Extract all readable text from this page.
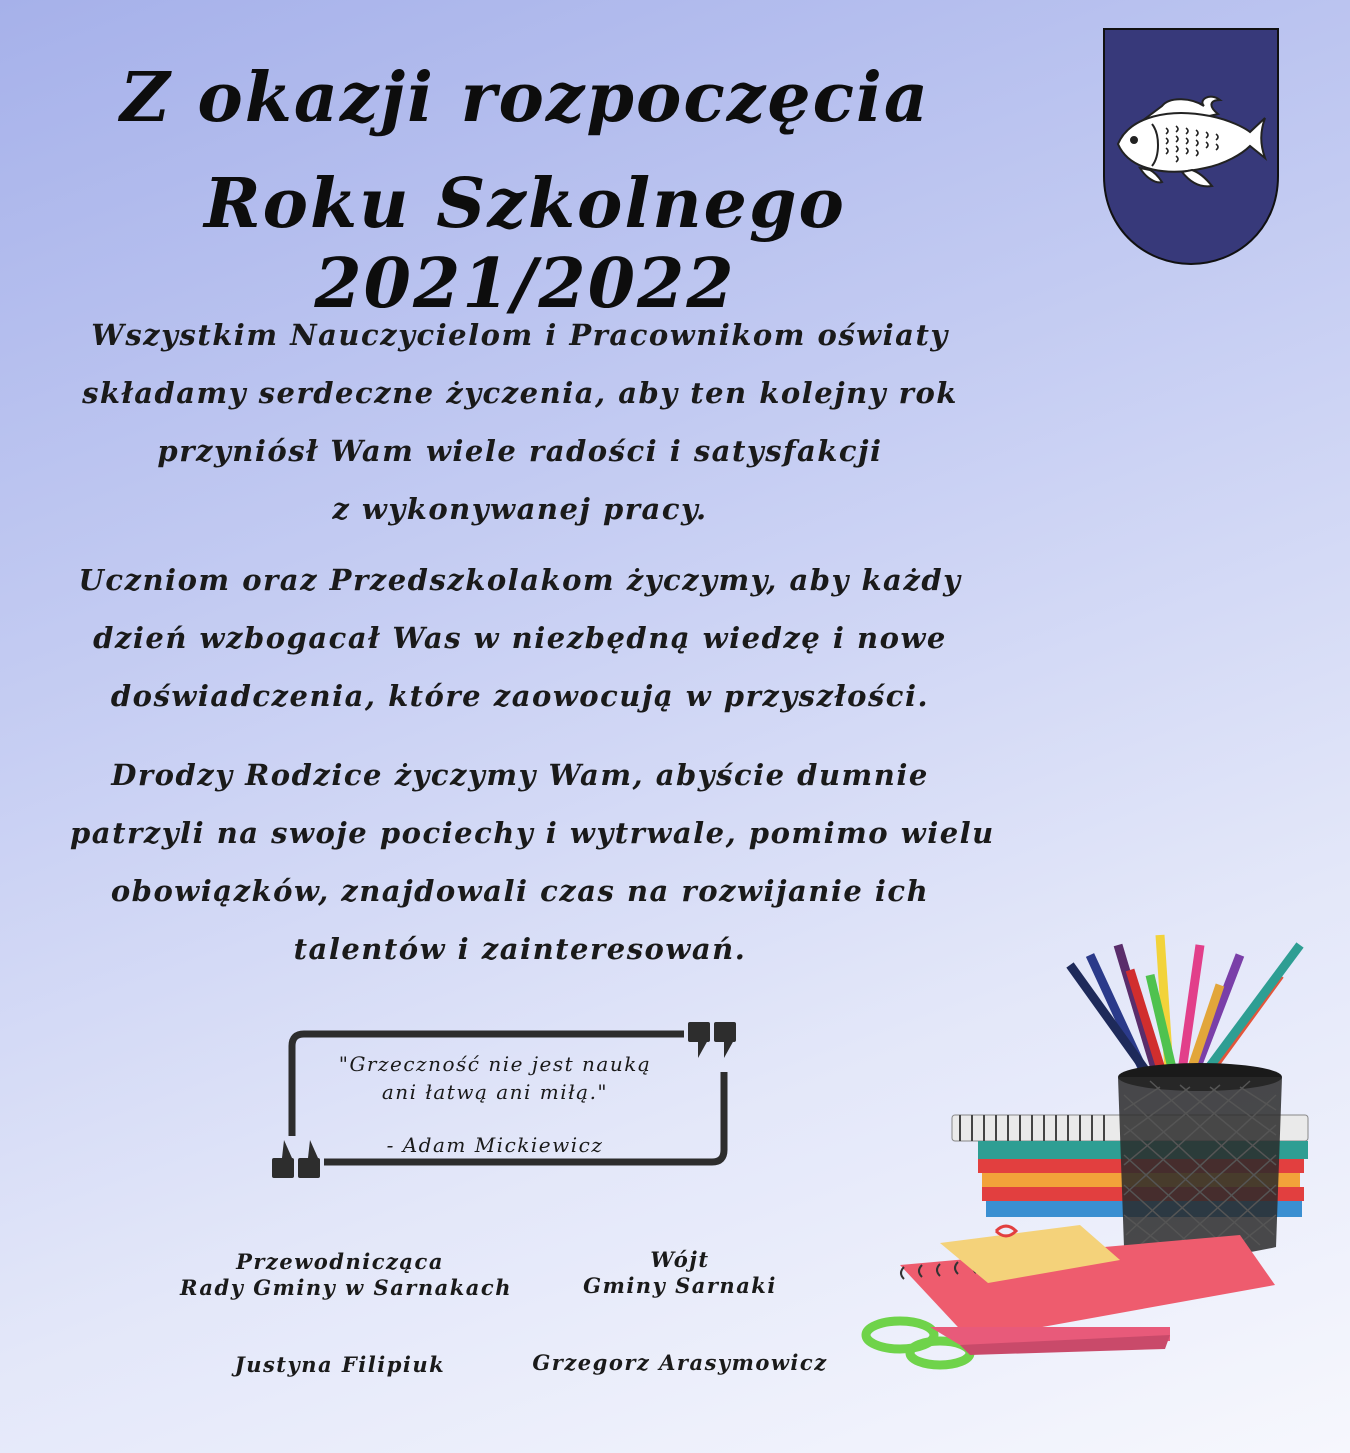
Z okazji rozpoczęcia
Roku Szkolnego 2021/2022
Wszystkim Nauczycielom i Pracownikom oświaty
składamy serdeczne życzenia, aby ten kolejny rok
przyniósł Wam wiele radości i satysfakcji
z wykonywanej pracy.
Uczniom oraz Przedszkolakom życzymy, aby każdy
dzień wzbogacał Was w niezbędną wiedzę i nowe
doświadczenia, które zaowocują w przyszłości.
Drodzy Rodzice życzymy Wam, abyście dumnie
patrzyli na swoje pociechy i wytrwale, pomimo wielu
obowiązków, znajdowali czas na rozwijanie ich
talentów i zainteresowań.
"Grzeczność nie jest nauką
ani łatwą ani miłą."
- Adam Mickiewicz
Przewodnicząca
Rady Gminy w Sarnakach
Justyna Filipiuk
Wójt
Gminy Sarnaki
Grzegorz Arasymowicz
